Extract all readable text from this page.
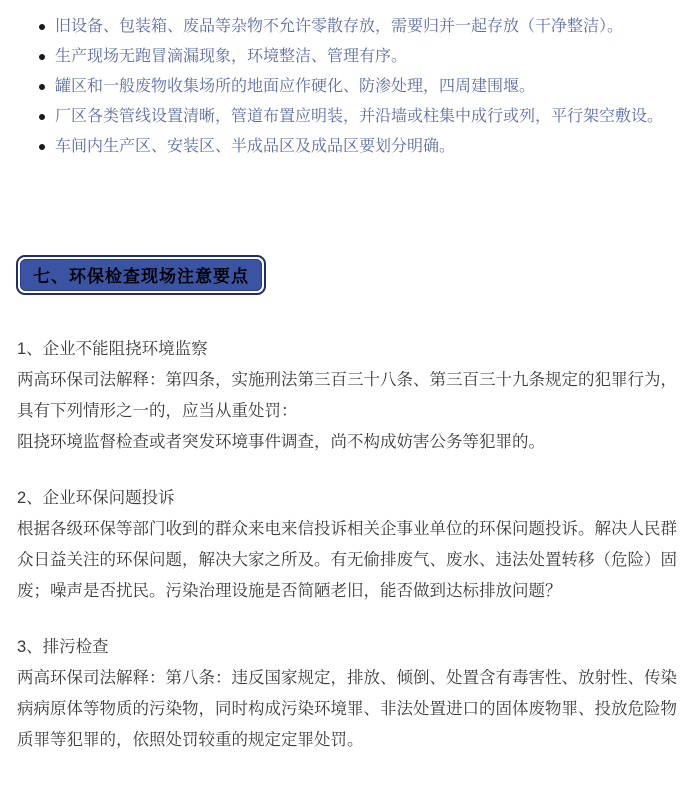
旧设备、包装箱、废品等杂物不允许零散存放，需要归并一起存放（干净整洁）。
生产现场无跑冒滴漏现象，环境整洁、管理有序。
罐区和一般废物收集场所的地面应作硬化、防渗处理，四周建围堰。
厂区各类管线设置清晰，管道布置应明装，并沿墙或柱集中成行或列，平行架空敷设。
车间内生产区、安装区、半成品区及成品区要划分明确。
七、环保检查现场注意要点

1、企业不能阻挠环境监察

两高环保司法解释：第四条，实施刑法第三百三十八条、第三百三十九条规定的犯罪行为，具有下列情形之一的，应当从重处罚：

阻挠环境监督检查或者突发环境事件调查，尚不构成妨害公务等犯罪的。

2、企业环保问题投诉

根据各级环保等部门收到的群众来电来信投诉相关企事业单位的环保问题投诉。解决人民群众日益关注的环保问题，解决大家之所及。有无偷排废气、废水、违法处置转移（危险）固废；噪声是否扰民。污染治理设施是否简陋老旧，能否做到达标排放问题？

3、排污检查

两高环保司法解释：第八条：违反国家规定，排放、倾倒、处置含有毒害性、放射性、传染病病原体等物质的污染物，同时构成污染环境罪、非法处置进口的固体废物罪、投放危险物质罪等犯罪的，依照处罚较重的规定定罪处罚。
